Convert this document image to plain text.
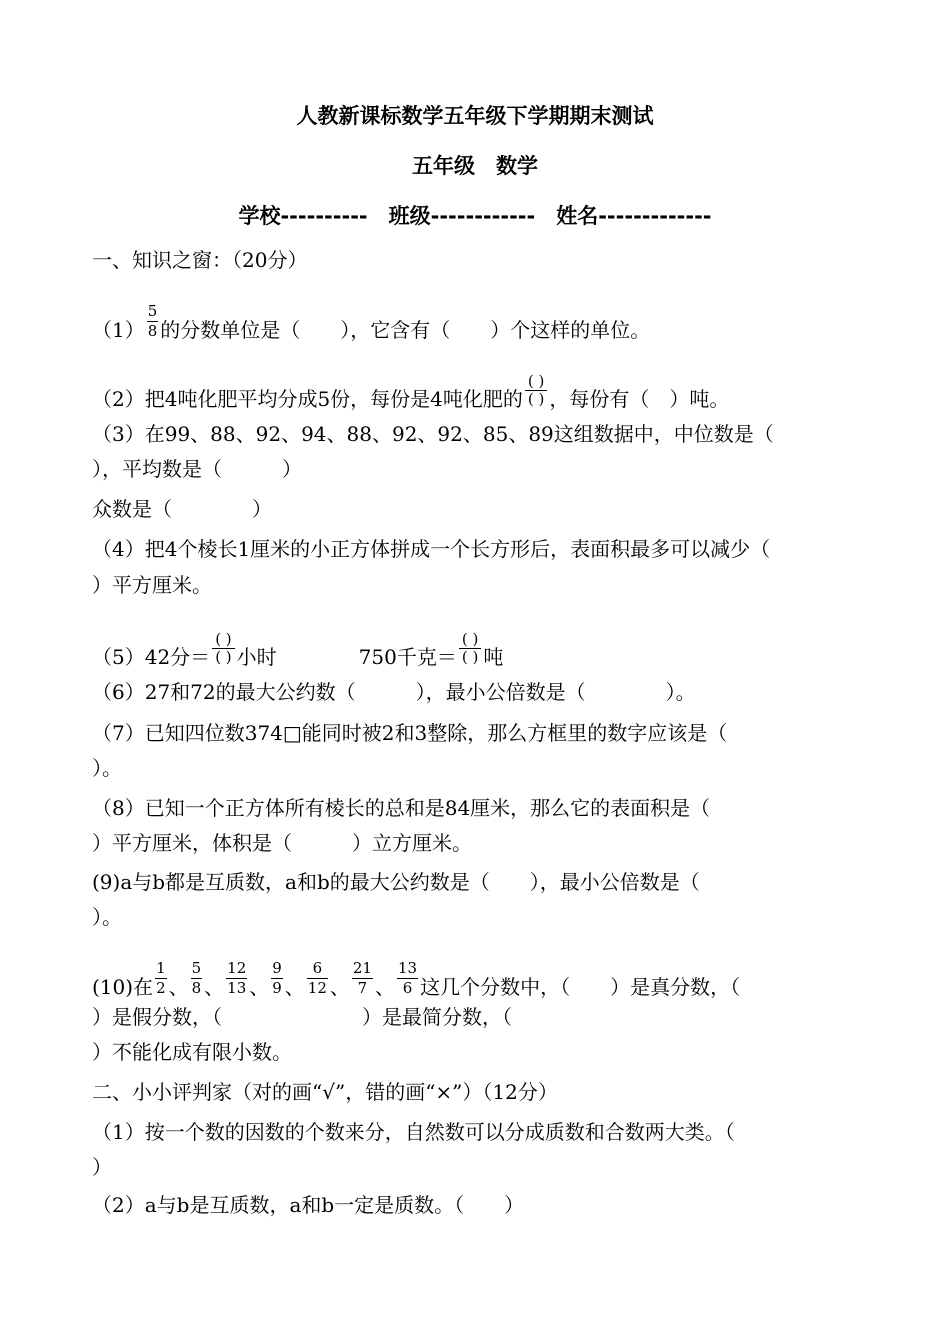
人教新课标数学五年级下学期期末测试
五年级　数学
学校----------　班级------------　姓名-------------
一、知识之窗：（20分）
$(1) \frac{5}{8}$ 的分数单位是（　　），它含有（　　）个这样的单位。
（2）把4吨化肥平均分成5份，每份是4吨化肥的 $\frac{( )}{( )}$ ，每份有（　）吨。
（3）在99、88、92、94、88、92、92、85、89这组数据中，中位数是（
），平均数是（　　　）
众数是（　　　　）
（4）把4个棱长1厘米的小正方体拼成一个长方形后，表面积最多可以减少（
）平方厘米。
（5）42分＝ $\frac{( )}{( )}$ 小时	750千克＝ $\frac{( )}{( )}$ 吨
（6）27和72的最大公约数（　　　），最小公倍数是（　　　　）。
（7）已知四位数374□能同时被2和3整除，那么方框里的数字应该是（
）。
（8）已知一个正方体所有棱长的总和是84厘米，那么它的表面积是（
）平方厘米，体积是（　　　）立方厘米。
(9)a与b都是互质数，a和b的最大公约数是（　　），最小公倍数是（
）。
(10)在 $\frac{1}{2}$ 、 $\frac{5}{8}$ 、 $\frac{12}{13}$ 、 $\frac{9}{9}$ 、 $\frac{6}{12}$ 、 $\frac{21}{7}$ 、 $\frac{13}{6}$ 这几个分数中，（　　）是真分数，（
）是假分数，（　　　　　　　）是最简分数，（
）不能化成有限小数。
二、小小评判家（对的画“√”，错的画“×”）（12分）
（1）按一个数的因数的个数来分，自然数可以分成质数和合数两大类。（
）
（2）a与b是互质数，a和b一定是质数。（　　）
